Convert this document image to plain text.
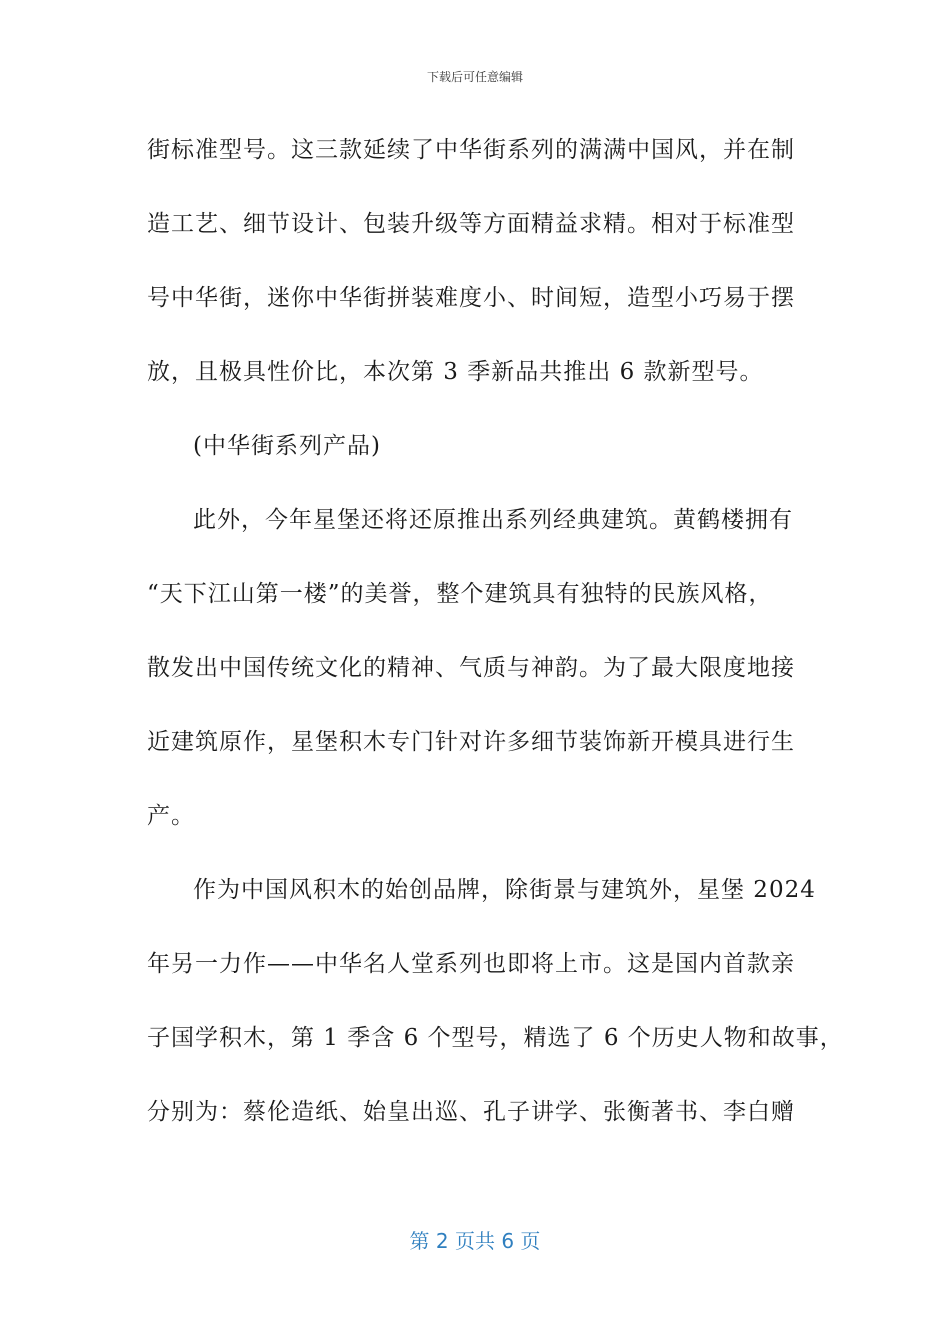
下载后可任意编辑
街标准型号。这三款延续了中华街系列的满满中国风，并在制
造工艺、细节设计、包装升级等方面精益求精。相对于标准型
号中华街，迷你中华街拼装难度小、时间短，造型小巧易于摆
放，且极具性价比，本次第 3 季新品共推出 6 款新型号。
(中华街系列产品)
此外，今年星堡还将还原推出系列经典建筑。黄鹤楼拥有
“天下江山第一楼”的美誉，整个建筑具有独特的民族风格，
散发出中国传统文化的精神、气质与神韵。为了最大限度地接
近建筑原作，星堡积木专门针对许多细节装饰新开模具进行生
产。
作为中国风积木的始创品牌，除街景与建筑外，星堡 2024
年另一力作——中华名人堂系列也即将上市。这是国内首款亲
子国学积木，第 1 季含 6 个型号，精选了 6 个历史人物和故事，
分别为：蔡伦造纸、始皇出巡、孔子讲学、张衡著书、李白赠
第 2 页共 6 页
